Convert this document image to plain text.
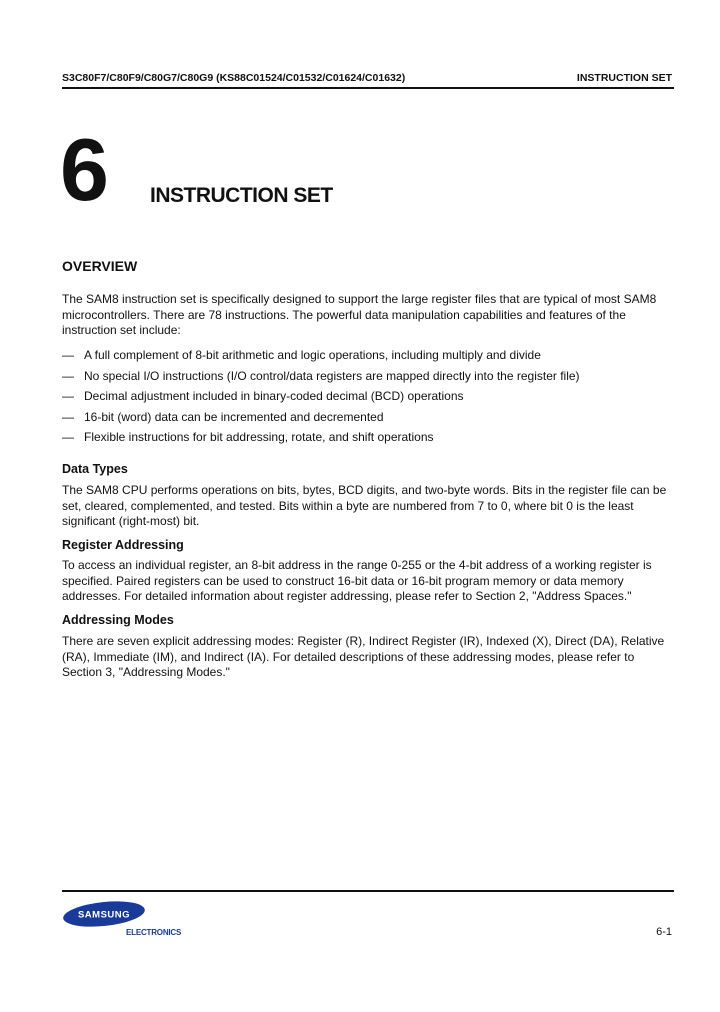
S3C80F7/C80F9/C80G7/C80G9 (KS88C01524/C01532/C01624/C01632)	INSTRUCTION SET
6 INSTRUCTION SET
OVERVIEW

The SAM8 instruction set is specifically designed to support the large register files that are typical of most SAM8 microcontrollers. There are 78 instructions. The powerful data manipulation capabilities and features of the instruction set include:

— A full complement of 8-bit arithmetic and logic operations, including multiply and divide
— No special I/O instructions (I/O control/data registers are mapped directly into the register file)
— Decimal adjustment included in binary-coded decimal (BCD) operations
— 16-bit (word) data can be incremented and decremented
— Flexible instructions for bit addressing, rotate, and shift operations
Data Types

The SAM8 CPU performs operations on bits, bytes, BCD digits, and two-byte words. Bits in the register file can be set, cleared, complemented, and tested. Bits within a byte are numbered from 7 to 0, where bit 0 is the least significant (right-most) bit.

Register Addressing

To access an individual register, an 8-bit address in the range 0-255 or the 4-bit address of a working register is specified. Paired registers can be used to construct 16-bit data or 16-bit program memory or data memory addresses. For detailed information about register addressing, please refer to Section 2, "Address Spaces."

Addressing Modes

There are seven explicit addressing modes: Register (R), Indirect Register (IR), Indexed (X), Direct (DA), Relative (RA), Immediate (IM), and Indirect (IA). For detailed descriptions of these addressing modes, please refer to Section 3, "Addressing Modes."

SAMSUNG
ELECTRONICS	6-1
